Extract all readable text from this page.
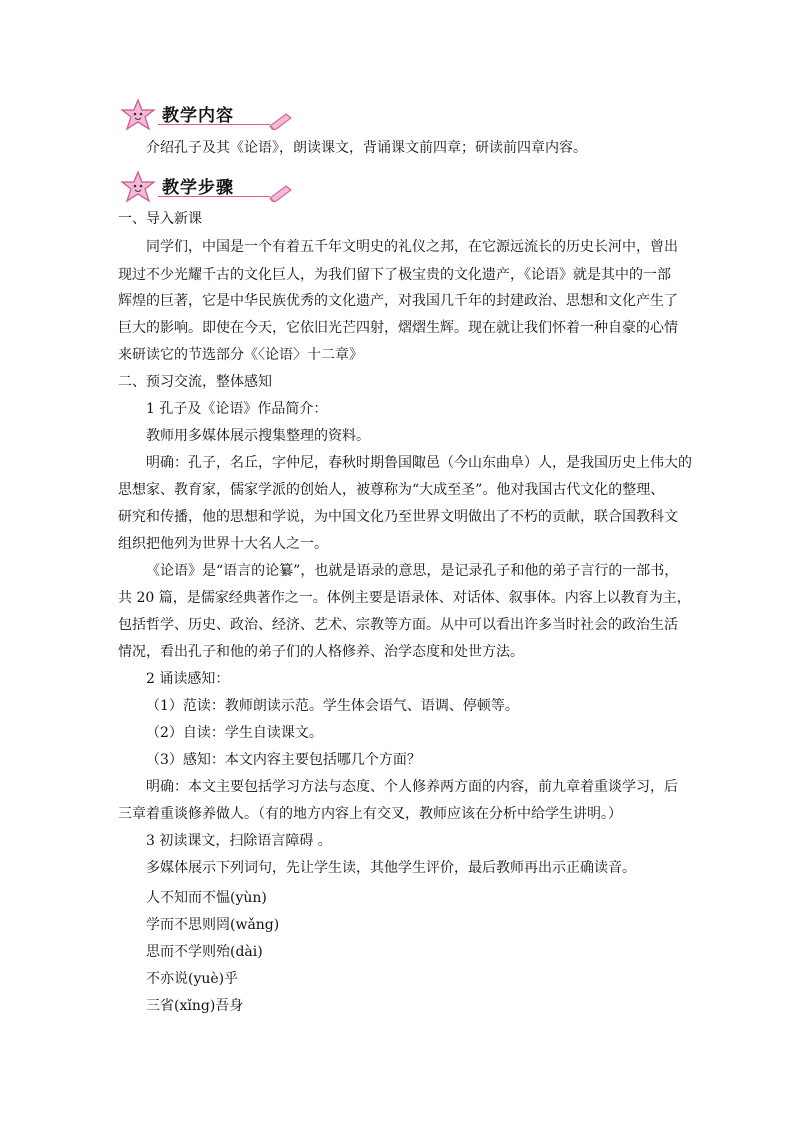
教学内容
介绍孔子及其《论语》，朗读课文，背诵课文前四章；研读前四章内容。
教学步骤
一、导入新课
同学们，中国是一个有着五千年文明史的礼仪之邦，在它源远流长的历史长河中，曾出
现过不少光耀千古的文化巨人，为我们留下了极宝贵的文化遗产，《论语》就是其中的一部
辉煌的巨著，它是中华民族优秀的文化遗产，对我国几千年的封建政治、思想和文化产生了
巨大的影响。即使在今天，它依旧光芒四射，熠熠生辉。现在就让我们怀着一种自豪的心情
来研读它的节选部分《〈论语〉十二章》
二、预习交流，整体感知
1 孔子及《论语》作品简介：
教师用多媒体展示搜集整理的资料。
明确：孔子，名丘，字仲尼，春秋时期鲁国陬邑（今山东曲阜）人，是我国历史上伟大的
思想家、教育家，儒家学派的创始人，被尊称为“大成至圣”。他对我国古代文化的整理、
研究和传播，他的思想和学说，为中国文化乃至世界文明做出了不朽的贡献，联合国教科文
组织把他列为世界十大名人之一。
《论语》是“语言的论纂”，也就是语录的意思，是记录孔子和他的弟子言行的一部书，
共 20 篇，是儒家经典著作之一。体例主要是语录体、对话体、叙事体。内容上以教育为主，
包括哲学、历史、政治、经济、艺术、宗教等方面。从中可以看出许多当时社会的政治生活
情况，看出孔子和他的弟子们的人格修养、治学态度和处世方法。
2 诵读感知：
（1）范读：教师朗读示范。学生体会语气、语调、停顿等。
（2）自读：学生自读课文。
（3）感知：本文内容主要包括哪几个方面？
明确：本文主要包括学习方法与态度、个人修养两方面的内容，前九章着重谈学习，后
三章着重谈修养做人。（有的地方内容上有交叉，教师应该在分析中给学生讲明。）
3 初读课文，扫除语言障碍 。
多媒体展示下列词句，先让学生读，其他学生评价，最后教师再出示正确读音。
人不知而不愠(yùn)
学而不思则罔(wǎng)
思而不学则殆(dài)
不亦说(yuè)乎
三省(xǐng)吾身
